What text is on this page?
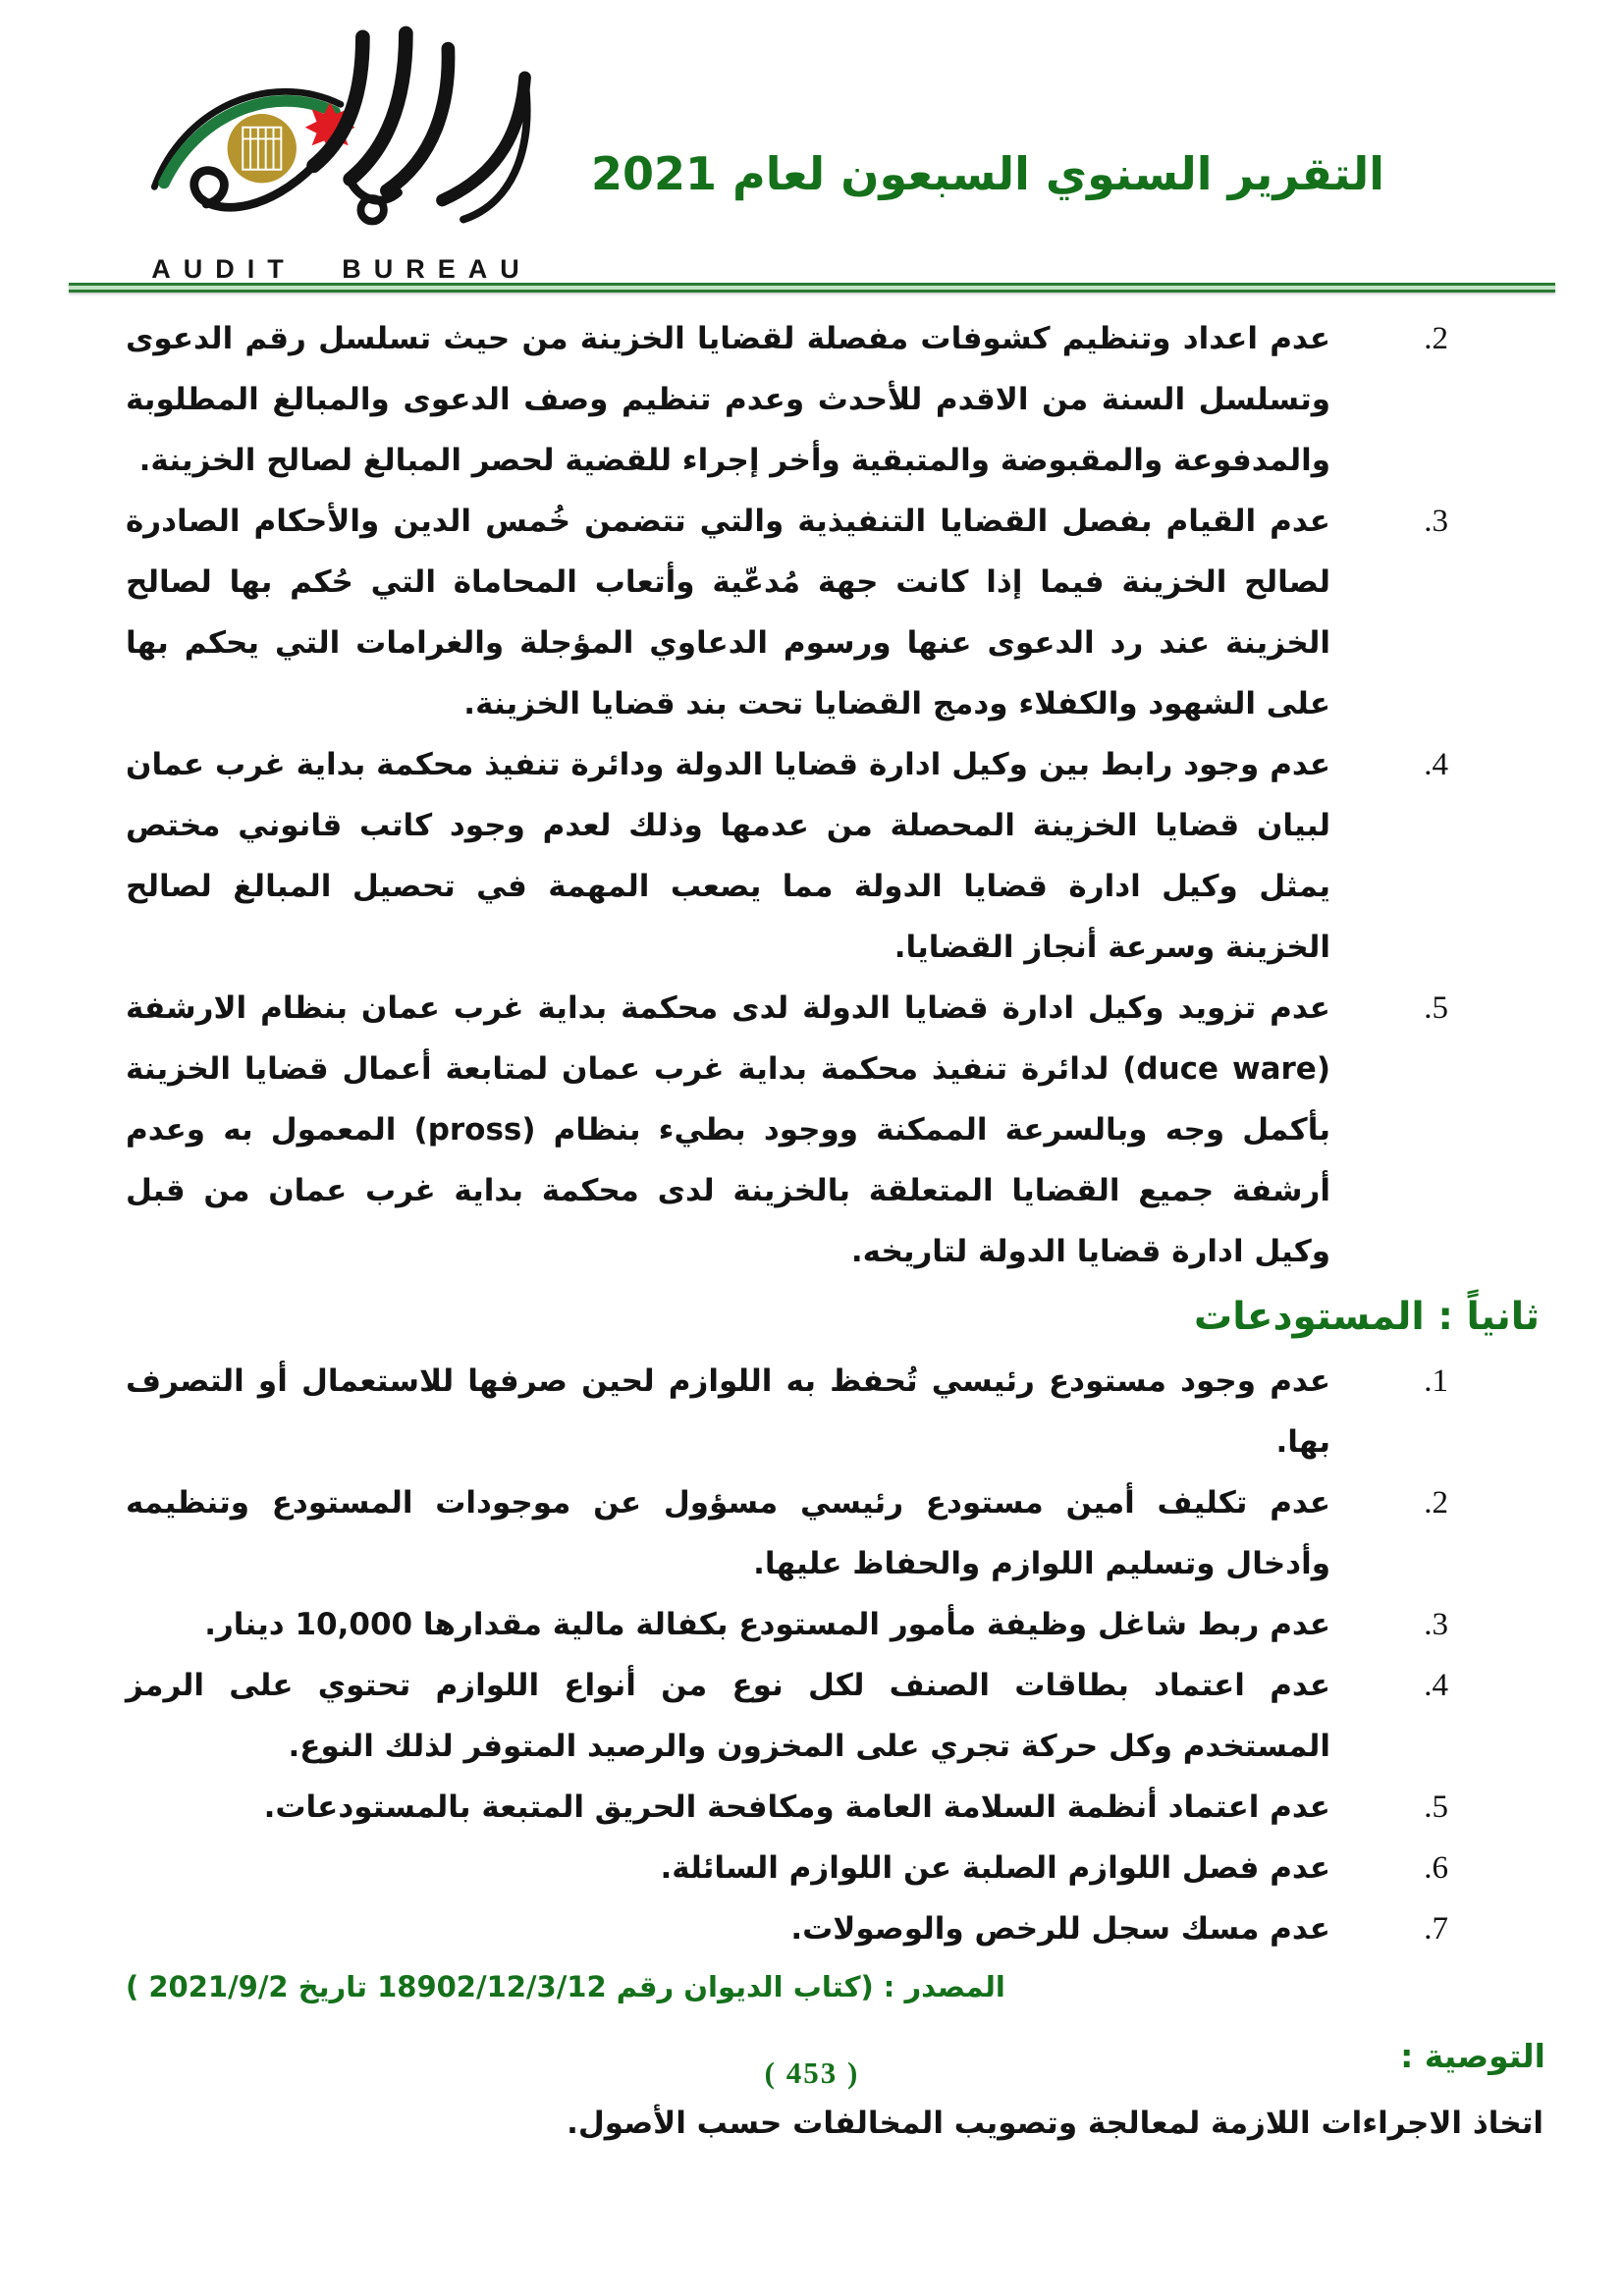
AUDIT BUREAU
التقرير السنوي السبعون لعام 2021
2.
عدم اعداد وتنظيم كشوفات مفصلة لقضايا الخزينة من حيث تسلسل رقم الدعوى وتسلسل السنة من الاقدم للأحدث وعدم تنظيم وصف الدعوى والمبالغ المطلوبة والمدفوعة والمقبوضة والمتبقية وأخر إجراء للقضية لحصر المبالغ لصالح الخزينة.
3.
عدم القيام بفصل القضايا التنفيذية والتي تتضمن خُمس الدين والأحكام الصادرة لصالح الخزينة فيما إذا كانت جهة مُدعّية وأتعاب المحاماة التي حُكم بها لصالح الخزينة عند رد الدعوى عنها ورسوم الدعاوي المؤجلة والغرامات التي يحكم بها على الشهود والكفلاء ودمج القضايا تحت بند قضايا الخزينة.
4.
عدم وجود رابط بين وكيل ادارة قضايا الدولة ودائرة تنفيذ محكمة بداية غرب عمان لبيان قضايا الخزينة المحصلة من عدمها وذلك لعدم وجود كاتب قانوني مختص يمثل وكيل ادارة قضايا الدولة مما يصعب المهمة في تحصيل المبالغ لصالح الخزينة وسرعة أنجاز القضايا.
5.
عدم تزويد وكيل ادارة قضايا الدولة لدى محكمة بداية غرب عمان بنظام الارشفة (duce ware) لدائرة تنفيذ محكمة بداية غرب عمان لمتابعة أعمال قضايا الخزينة بأكمل وجه وبالسرعة الممكنة ووجود بطيء بنظام (pross) المعمول به وعدم أرشفة جميع القضايا المتعلقة بالخزينة لدى محكمة بداية غرب عمان من قبل وكيل ادارة قضايا الدولة لتاريخه.
ثانياً : المستودعات
1.
عدم وجود مستودع رئيسي تُحفظ به اللوازم لحين صرفها للاستعمال أو التصرف بها.
2.
عدم تكليف أمين مستودع رئيسي مسؤول عن موجودات المستودع وتنظيمه وأدخال وتسليم اللوازم والحفاظ عليها.
3.
عدم ربط شاغل وظيفة مأمور المستودع بكفالة مالية مقدارها 10,000 دينار.
4.
عدم اعتماد بطاقات الصنف لكل نوع من أنواع اللوازم تحتوي على الرمز المستخدم وكل حركة تجري على المخزون والرصيد المتوفر لذلك النوع.
5.
عدم اعتماد أنظمة السلامة العامة ومكافحة الحريق المتبعة بالمستودعات.
6.
عدم فصل اللوازم الصلبة عن اللوازم السائلة.
7.
عدم مسك سجل للرخص والوصولات.

المصدر : (كتاب الديوان رقم 18902/12/3/12 تاريخ 2021/9/2 )

التوصية :

اتخاذ الاجراءات اللازمة لمعالجة وتصويب المخالفات حسب الأصول.

( 453 )
